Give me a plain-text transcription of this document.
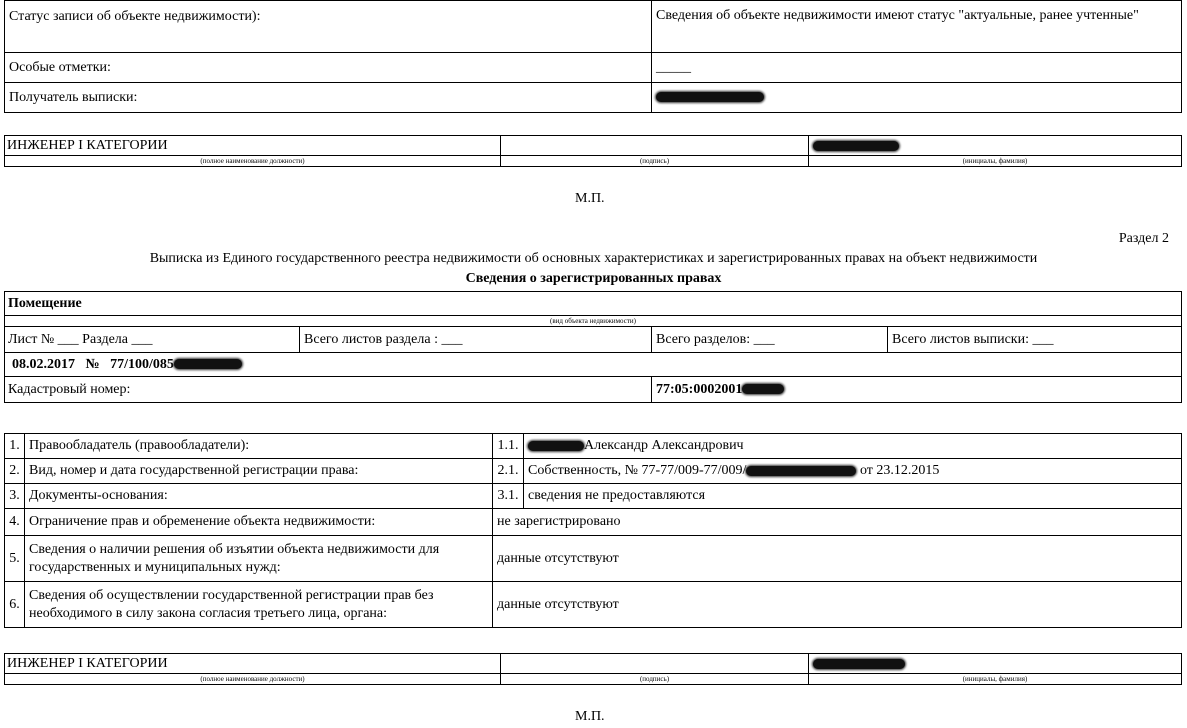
Статус записи об объекте недвижимости):	Сведения об объекте недвижимости имеют статус "актуальные, ранее учтенные"
Особые отметки:	_____
Получатель выписки:	
ИНЖЕНЕР I КАТЕГОРИИ		
(полное наименование должности)	(подпись)	(инициалы, фамилия)
М.П.
Раздел 2
Выписка из Единого государственного реестра недвижимости об основных характеристиках и зарегистрированных правах на объект недвижимости
Сведения о зарегистрированных правах
Помещение			
(вид объекта недвижимости)			
Лист № ___ Раздела ___	Всего листов раздела : ___	Всего разделов: ___	Всего листов выписки: ___
08.02.2017   №   77/100/085			
Кадастровый номер:		77:05:0002001	
1.	Правообладатель (правообладатели):	1.1.	Александр Александрович
2.	Вид, номер и дата государственной регистрации права:	2.1.	Собственность, № 77-77/009-77/009/ от 23.12.2015
3.	Документы-основания:	3.1.	сведения не предоставляются
4.	Ограничение прав и обременение объекта недвижимости:	не зарегистрировано	
5.	Сведения о наличии решения об изъятии объекта недвижимости для государственных и муниципальных нужд:	данные отсутствуют	
6.	Сведения об осуществлении государственной регистрации прав без необходимого в силу закона согласия третьего лица, органа:	данные отсутствуют	
ИНЖЕНЕР I КАТЕГОРИИ		
(полное наименование должности)	(подпись)	(инициалы, фамилия)
М.П.
